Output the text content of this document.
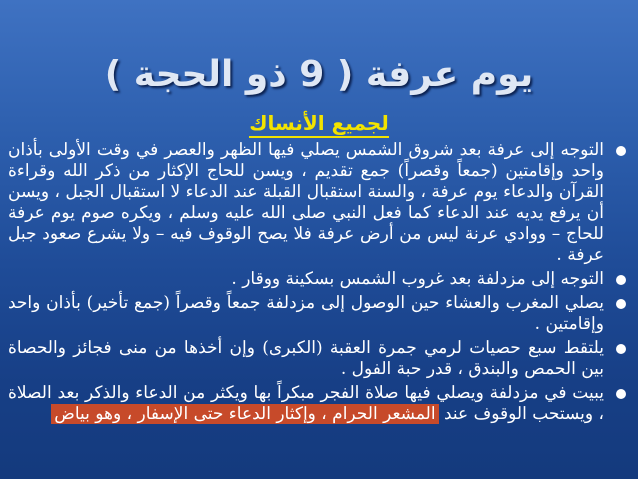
يوم عرفة ( 9 ذو الحجة )
لجميع الأنساك
التوجه إلى عرفة بعد شروق الشمس يصلي فيها الظهر والعصر في وقت الأولى بأذان واحد وإقامتين (جمعاً وقصراً) جمع تقديم ، ويسن للحاج الإكثار من ذكر الله وقراءة القرآن والدعاء يوم عرفة ، والسنة استقبال القبلة عند الدعاء لا استقبال الجبل ، ويسن أن يرفع يديه عند الدعاء كما فعل النبي صلى الله عليه وسلم ، ويكره صوم يوم عرفة للحاج – ووادي عرنة ليس من أرض عرفة فلا يصح الوقوف فيه – ولا يشرع صعود جبل عرفة .
التوجه إلى مزدلفة بعد غروب الشمس بسكينة ووقار .
يصلي المغرب والعشاء حين الوصول إلى مزدلفة جمعاً وقصراً (جمع تأخير) بأذان واحد وإقامتين .
يلتقط سبع حصيات لرمي جمرة العقبة (الكبرى) وإن أخذها من منى فجائز والحصاة بين الحمص والبندق ، قدر حبة الفول .
يبيت في مزدلفة ويصلي فيها صلاة الفجر مبكراً بها ويكثر من الدعاء والذكر بعد الصلاة ، ويستحب الوقوف عند المشعر الحرام ، وإكثار الدعاء حتى الإسفار ، وهو بياض
